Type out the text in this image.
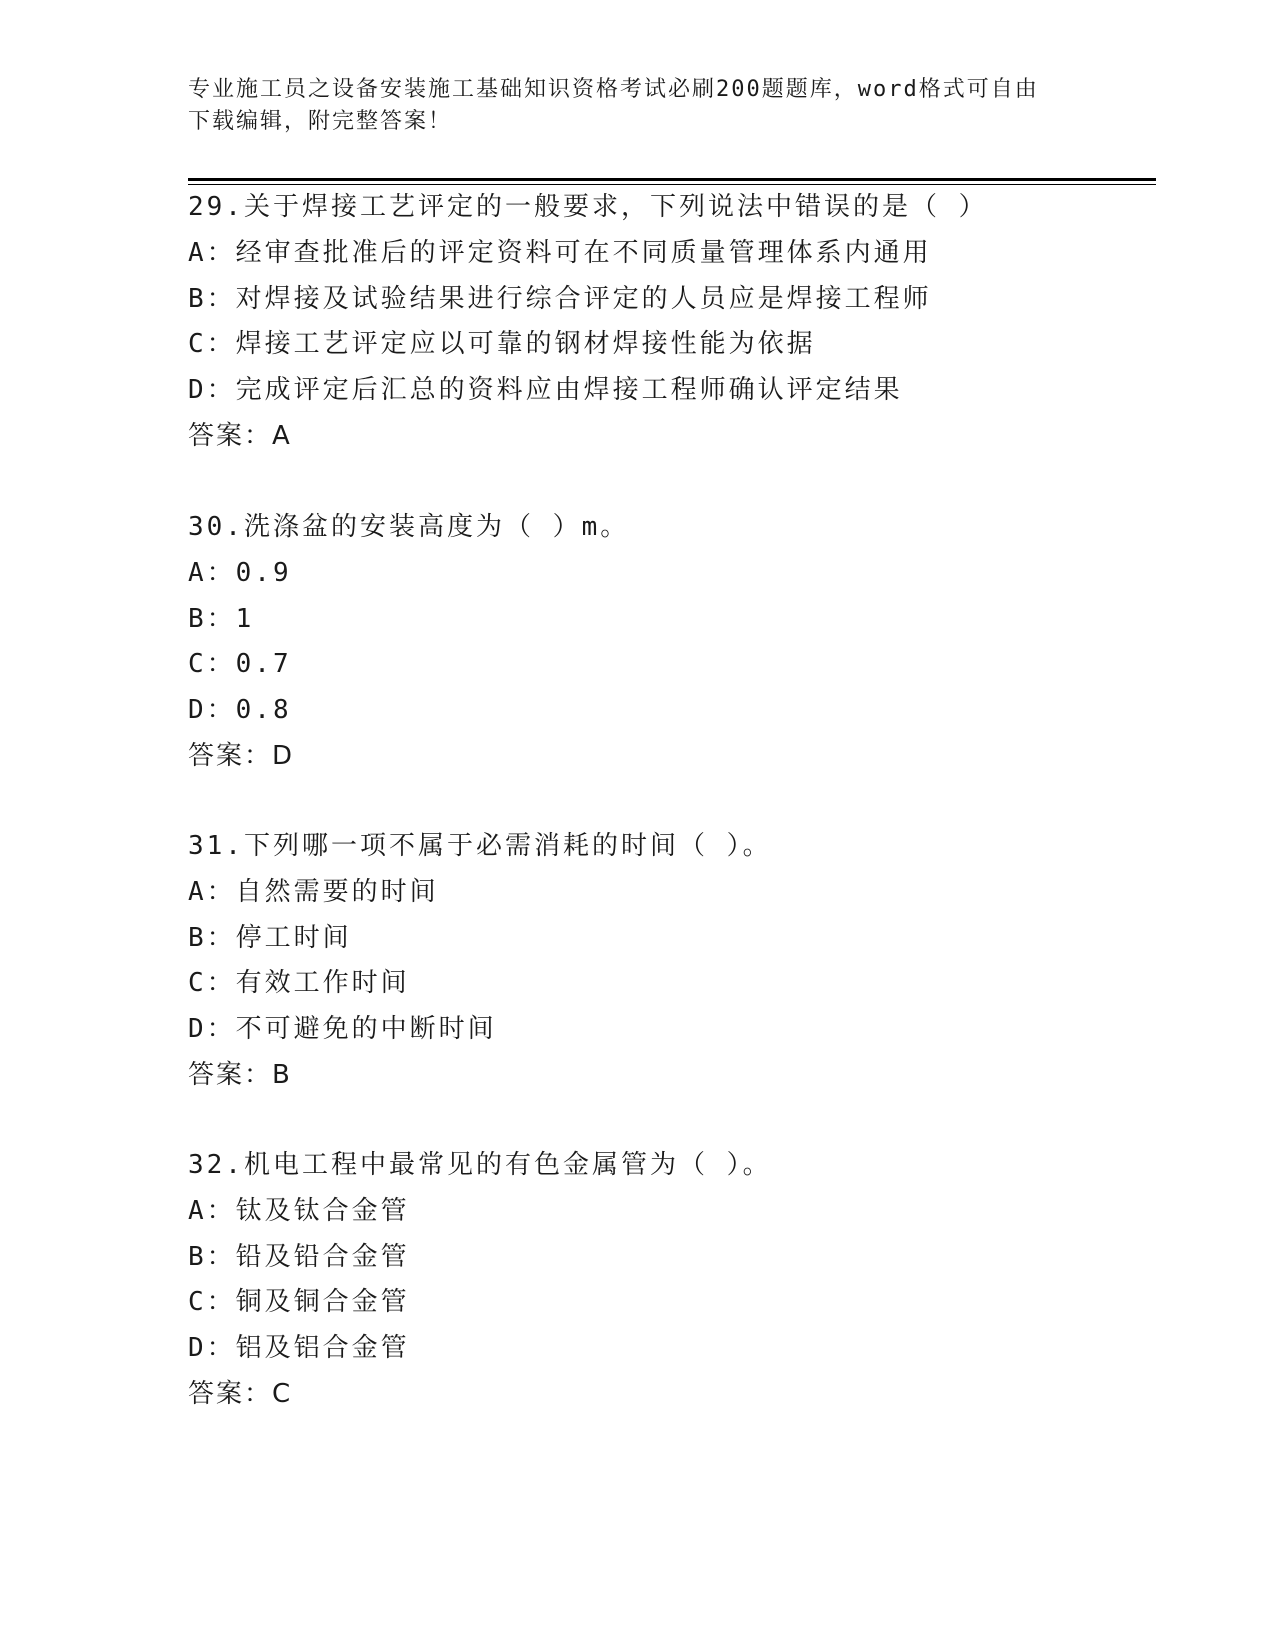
专业施工员之设备安装施工基础知识资格考试必刷200题题库，word格式可自由
下载编辑，附完整答案！
29.关于焊接工艺评定的一般要求，下列说法中错误的是（ ）
A：经审查批准后的评定资料可在不同质量管理体系内通用
B：对焊接及试验结果进行综合评定的人员应是焊接工程师
C：焊接工艺评定应以可靠的钢材焊接性能为依据
D：完成评定后汇总的资料应由焊接工程师确认评定结果
答案：A
30.洗涤盆的安装高度为（ ）m。
A：0.9
B：1
C：0.7
D：0.8
答案：D
31.下列哪一项不属于必需消耗的时间（ ）。
A：自然需要的时间
B：停工时间
C：有效工作时间
D：不可避免的中断时间
答案：B
32.机电工程中最常见的有色金属管为（ ）。
A：钛及钛合金管
B：铅及铅合金管
C：铜及铜合金管
D：铝及铝合金管
答案：C
